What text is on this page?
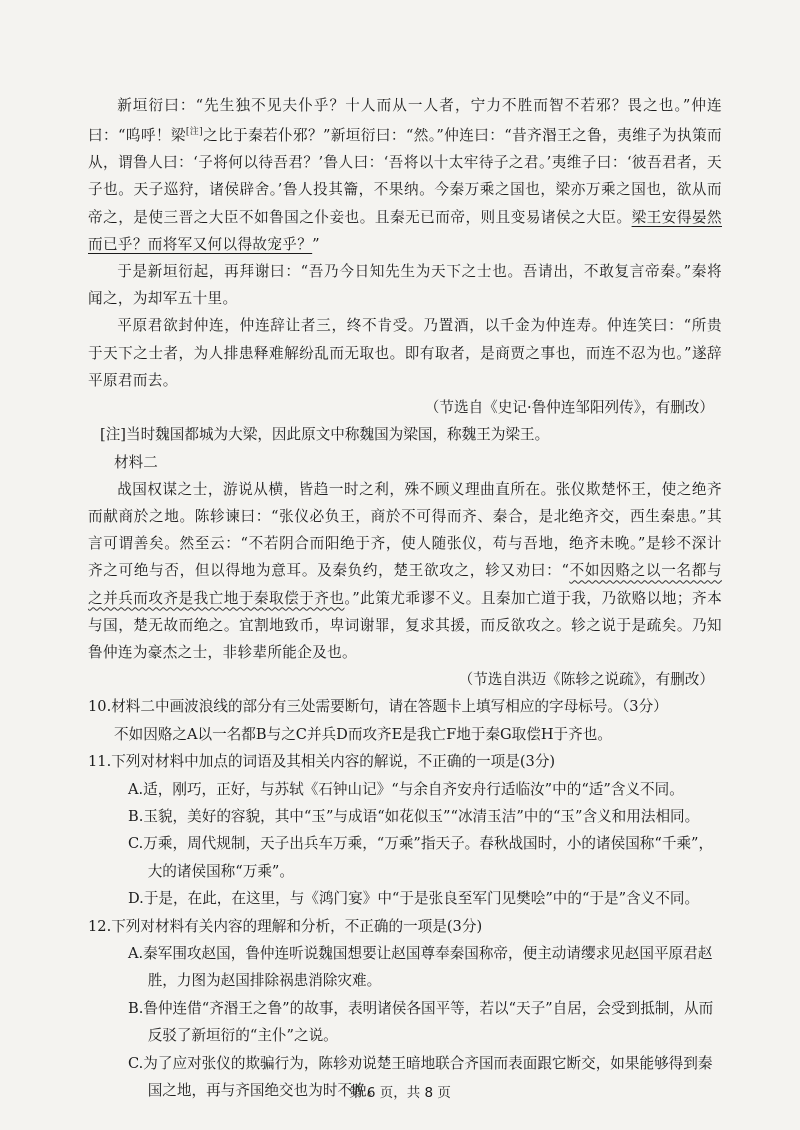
新垣衍曰：“先生独不见夫仆乎？十人而从一人者，宁力不胜而智不若邪？畏之也。”仲连曰：“呜呼！梁[注]之比于秦若仆邪？”新垣衍曰：“然。”仲连曰：“昔齐湣王之鲁，夷维子为执策而从，谓鲁人曰：‘子将何以待吾君？’鲁人曰：‘吾将以十太牢待子之君。’夷维子曰：‘彼吾君者，天子也。天子巡狩，诸侯辟舍。’鲁人投其籥，不果纳。今秦万乘之国也，梁亦万乘之国也，欲从而帝之，是使三晋之大臣不如鲁国之仆妾也。且秦无已而帝，则且变易诸侯之大臣。梁王安得晏然而已乎？而将军又何以得故宠乎？”

于是新垣衍起，再拜谢曰：“吾乃今日知先生为天下之士也。吾请出，不敢复言帝秦。”秦将闻之，为却军五十里。

平原君欲封仲连，仲连辞让者三，终不肯受。乃置酒，以千金为仲连寿。仲连笑曰：“所贵于天下之士者，为人排患释难解纷乱而无取也。即有取者，是商贾之事也，而连不忍为也。”遂辞平原君而去。

（节选自《史记·鲁仲连邹阳列传》，有删改）

[注]当时魏国都城为大梁，因此原文中称魏国为梁国，称魏王为梁王。

材料二

战国权谋之士，游说从横，皆趋一时之利，殊不顾义理曲直所在。张仪欺楚怀王，使之绝齐而献商於之地。陈轸谏曰：“张仪必负王，商於不可得而齐、秦合，是北绝齐交，西生秦患。”其言可谓善矣。然至云：“不若阴合而阳绝于齐，使人随张仪，苟与吾地，绝齐未晚。”是轸不深计齐之可绝与否，但以得地为意耳。及秦负约，楚王欲攻之，轸又劝曰：“不如因赂之以一名都与之并兵而攻齐是我亡地于秦取偿于齐也。”此策尤乖谬不义。且秦加亡道于我，乃欲赂以地；齐本与国，楚无故而绝之。宜割地致币，卑词谢罪，复求其援，而反欲攻之。轸之说于是疏矣。乃知鲁仲连为豪杰之士，非轸辈所能企及也。

（节选自洪迈《陈轸之说疏》，有删改）

10.材料二中画波浪线的部分有三处需要断句，请在答题卡上填写相应的字母标号。（3分）

不如因赂之A以一名都B与之C并兵D而攻齐E是我亡F地于秦G取偿H于齐也。

11.下列对材料中加点的词语及其相关内容的解说，不正确的一项是(3分)

A.适，刚巧，正好，与苏轼《石钟山记》“与余自齐安舟行适临汝”中的“适”含义不同。

B.玉貌，美好的容貌，其中“玉”与成语“如花似玉”“冰清玉洁”中的“玉”含义和用法相同。

C.万乘，周代规制，天子出兵车万乘，“万乘”指天子。春秋战国时，小的诸侯国称“千乘”，大的诸侯国称“万乘”。

D.于是，在此，在这里，与《鸿门宴》中“于是张良至军门见樊哙”中的“于是”含义不同。

12.下列对材料有关内容的理解和分析，不正确的一项是(3分)

A.秦军围攻赵国，鲁仲连听说魏国想要让赵国尊奉秦国称帝，便主动请缨求见赵国平原君赵胜，力图为赵国排除祸患消除灾难。

B.鲁仲连借“齐湣王之鲁”的故事，表明诸侯各国平等，若以“天子”自居，会受到抵制，从而反驳了新垣衍的“主仆”之说。

C.为了应对张仪的欺骗行为，陈轸劝说楚王暗地联合齐国而表面跟它断交，如果能够得到秦国之地，再与齐国绝交也为时不晚。

第 6 页，共 8 页
